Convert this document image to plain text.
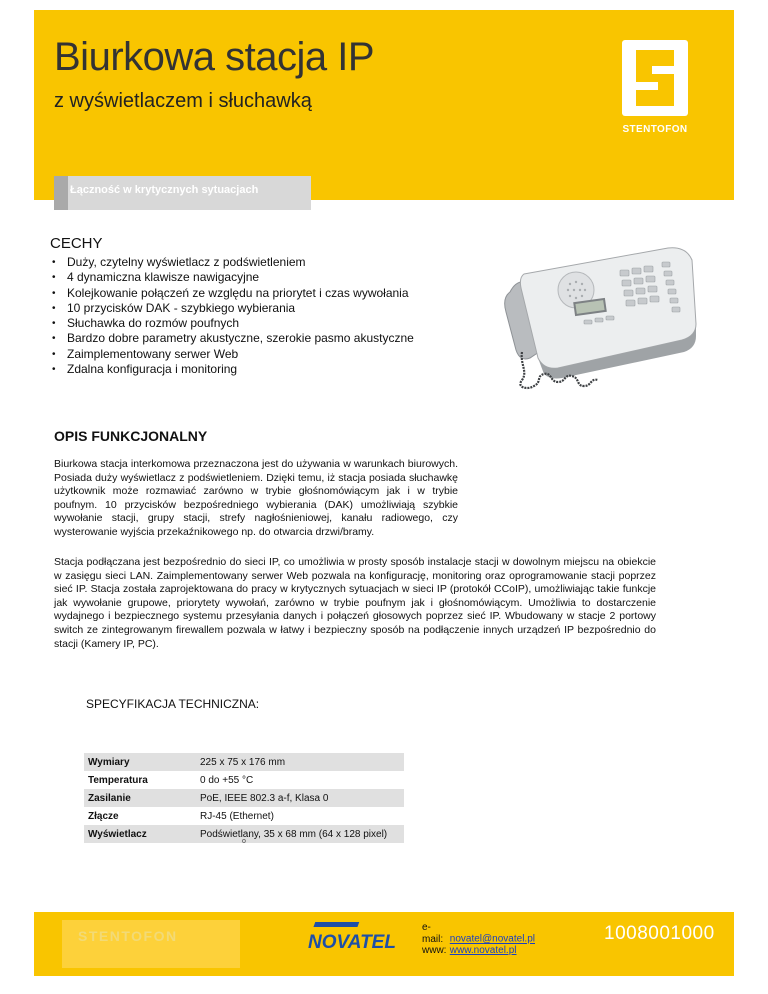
Biurkowa stacja IP
z wyświetlaczem i słuchawką
STENTOFON
Łączność w krytycznych sytuacjach
CECHY
• Duży, czytelny wyświetlacz z podświetleniem
• 4 dynamiczna klawisze nawigacyjne
• Kolejkowanie połączeń ze względu na priorytet i czas wywołania
• 10 przycisków DAK - szybkiego wybierania
• Słuchawka do rozmów poufnych
• Bardzo dobre parametry akustyczne, szerokie pasmo akustyczne
• Zaimplementowany serwer Web
• Zdalna konfiguracja i monitoring
OPIS FUNKCJONALNY

Biurkowa stacja interkomowa przeznaczona jest do używania w warunkach biurowych. Posiada duży wyświetlacz z podświetleniem. Dzięki temu, iż stacja posiada słuchawkę użytkownik może rozmawiać zarówno w trybie głośnomówiącym jak i w trybie poufnym. 10 przycisków bezpośredniego wybierania (DAK) umożliwiają szybkie wywołanie stacji, grupy stacji, strefy nagłośnieniowej, kanału radiowego, czy wysterowanie wyjścia przekaźnikowego np. do otwarcia drzwi/bramy.

Stacja podłączana jest bezpośrednio do sieci IP, co umożliwia w prosty sposób instalacje stacji w dowolnym miejscu na obiekcie w zasięgu sieci LAN. Zaimplementowany serwer Web pozwala na konfigurację, monitoring oraz oprogramowanie stacji poprzez sieć IP. Stacja została zaprojektowana do pracy w krytycznych sytuacjach w sieci IP (protokół CCoIP), umożliwiając takie funkcje jak wywołanie grupowe, priorytety wywołań, zarówno w trybie poufnym jak i głośnomówiącym. Umożliwia to dostarczenie wydajnego i bezpiecznego systemu przesyłania danych i połączeń głosowych poprzez sieć IP. Wbudowany w stacje 2 portowy switch ze zintegrowanym firewallem pozwala w łatwy i bezpieczny sposób na podłączenie innych urządzeń IP bezpośrednio do stacji (Kamery IP, PC).

SPECYFIKACJA TECHNICZNA:
Wymiary	225 x 75 x 176 mm
Temperatura	0 do +55 °C
Zasilanie	PoE, IEEE 802.3 a-f, Klasa 0
Złącze	RJ-45 (Ethernet)
Wyświetlacz	Podświetlany, 35 x 68 mm (64 x 128 pixel)
o
STENTOFON	NOVATEL
e-mail: novatel@novatel.pl
www: www.novatel.pl
1008001000
